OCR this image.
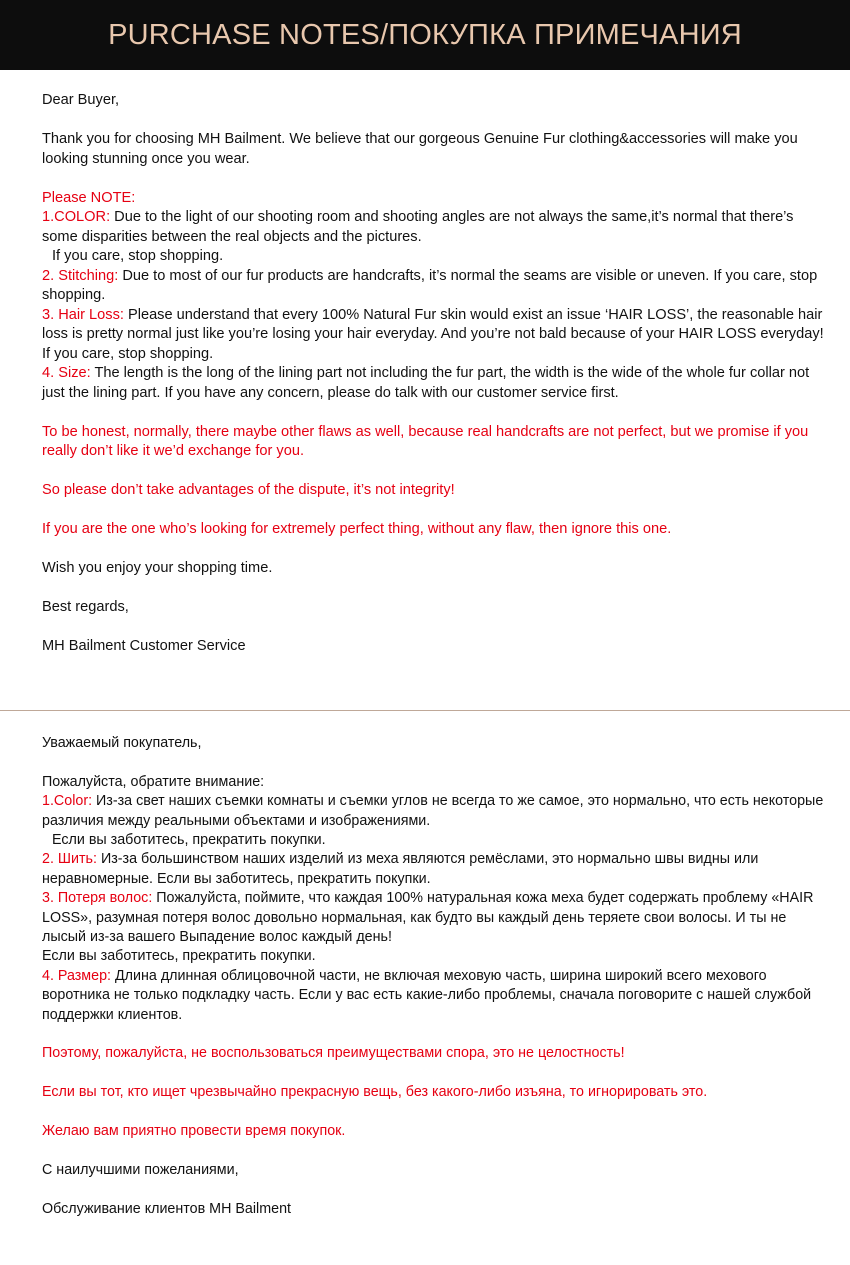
PURCHASE NOTES/ПОКУПКА ПРИМЕЧАНИЯ

Dear Buyer,

Thank you for choosing MH Bailment. We believe that our gorgeous Genuine Fur clothing&accessories will make you looking stunning once you wear.

Please NOTE:

1.COLOR: Due to the light of our shooting room and shooting angles are not always the same,it’s normal that there’s some disparities between the real objects and the pictures.

If you care, stop shopping.

2. Stitching: Due to most of our fur products are handcrafts, it’s normal the seams are visible or uneven. If you care, stop shopping.

3. Hair Loss: Please understand that every 100% Natural Fur skin would exist an issue ‘HAIR LOSS’, the reasonable hair loss is pretty normal just like you’re losing your hair everyday. And you’re not bald because of your HAIR LOSS everyday!

If you care, stop shopping.

4. Size: The length is the long of the lining part not including the fur part, the width is the wide of the whole fur collar not just the lining part. If you have any concern, please do talk with our customer service first.

To be honest, normally, there maybe other flaws as well, because real handcrafts are not perfect, but we promise if you really don’t like it we’d exchange for you.

So please don’t take advantages of the dispute, it’s not integrity!

If you are the one who’s looking for extremely perfect thing, without any flaw, then ignore this one.

Wish you enjoy your shopping time.

Best regards,

MH Bailment Customer Service

Уважаемый покупатель,

Пожалуйста, обратите внимание:

1.Color: Из-за свет наших съемки комнаты и съемки углов не всегда то же самое, это нормально, что есть некоторые различия между реальными объектами и изображениями.

Если вы заботитесь, прекратить покупки.

2. Шить: Из-за большинством наших изделий из меха являются ремёслами, это нормально швы видны или неравномерные. Если вы заботитесь, прекратить покупки.

3. Потеря волос: Пожалуйста, поймите, что каждая 100% натуральная кожа меха будет содержать проблему «HAIR LOSS», разумная потеря волос довольно нормальная, как будто вы каждый день теряете свои волосы. И ты не лысый из-за вашего Выпадение волос каждый день!

Если вы заботитесь, прекратить покупки.

4. Размер: Длина длинная облицовочной части, не включая меховую часть, ширина широкий всего мехового воротника не только подкладку часть. Если у вас есть какие-либо проблемы, сначала поговорите с нашей службой поддержки клиентов.

Поэтому, пожалуйста, не воспользоваться преимуществами спора, это не целостность!

Если вы тот, кто ищет чрезвычайно прекрасную вещь, без какого-либо изъяна, то игнорировать это.

Желаю вам приятно провести время покупок.

С наилучшими пожеланиями,

Обслуживание клиентов MH Bailment
